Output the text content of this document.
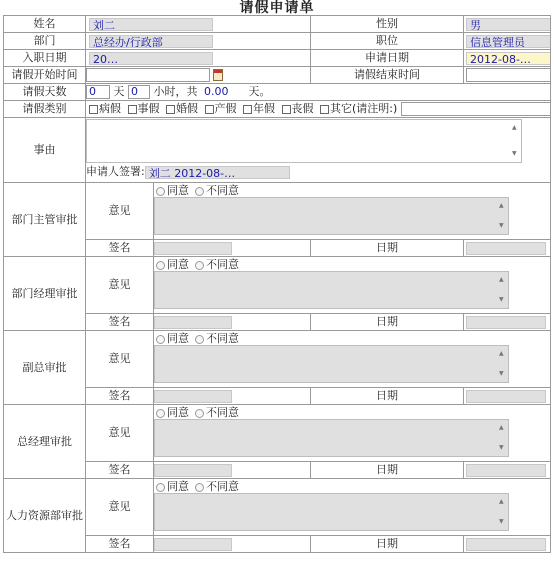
请假申请单
姓名	刘二		性别	男
部门	总经办/行政部		职位	信息管理员
入职日期	20…		申请日期	2012-08-…
请假开始时间			请假结束时间	
请假天数	0 天 0 小时，共 0.00 天。			
请假类别	病假 事假 婚假 产假 年假 丧假 其它(请注明:)			
事由	▲
▼
申请人签署: 刘二 2012-08-…			

部门主管审批	意见	同意 不同意
▲
▼		

	签名		日期	
部门经理审批	意见	同意 不同意
▲
▼		

	签名		日期	
副总审批	意见	同意 不同意
▲
▼		

	签名		日期	
总经理审批	意见	同意 不同意
▲
▼		

	签名		日期	
人力资源部审批	意见	同意 不同意
▲
▼		

	签名		日期	
